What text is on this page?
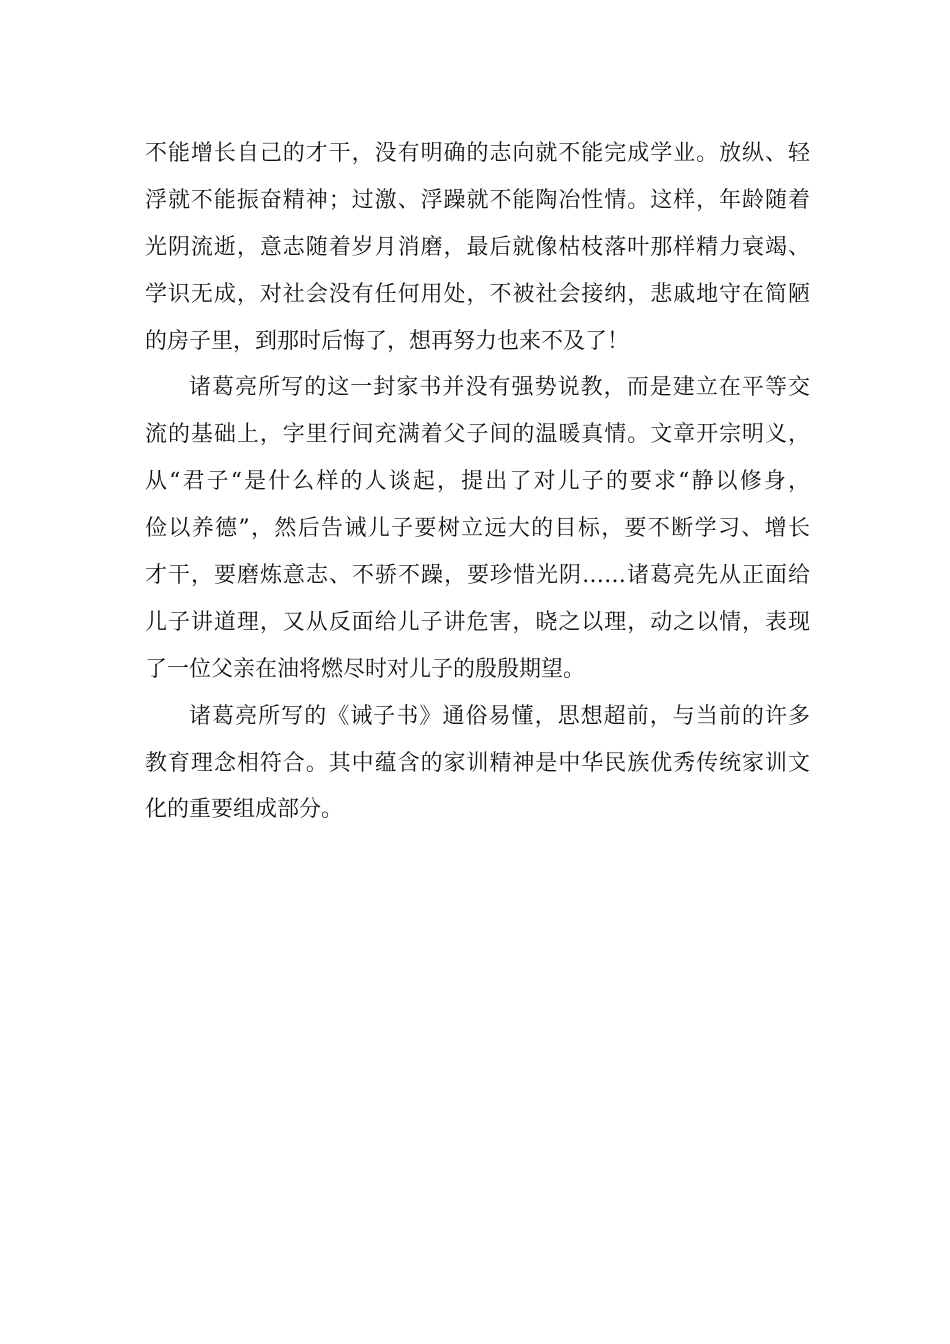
不能增长自己的才干，没有明确的志向就不能完成学业。放纵、轻
浮就不能振奋精神；过激、浮躁就不能陶冶性情。这样，年龄随着
光阴流逝，意志随着岁月消磨，最后就像枯枝落叶那样精力衰竭、
学识无成，对社会没有任何用处，不被社会接纳，悲戚地守在简陋
的房子里，到那时后悔了，想再努力也来不及了！
诸葛亮所写的这一封家书并没有强势说教，而是建立在平等交
流的基础上，字里行间充满着父子间的温暖真情。文章开宗明义，
从“君子“是什么样的人谈起，提出了对儿子的要求“静以修身，
俭以养德”，然后告诫儿子要树立远大的目标，要不断学习、增长
才干，要磨炼意志、不骄不躁，要珍惜光阴……诸葛亮先从正面给
儿子讲道理，又从反面给儿子讲危害，晓之以理，动之以情，表现
了一位父亲在油将燃尽时对儿子的殷殷期望。
诸葛亮所写的《诫子书》通俗易懂，思想超前，与当前的许多
教育理念相符合。其中蕴含的家训精神是中华民族优秀传统家训文
化的重要组成部分。
